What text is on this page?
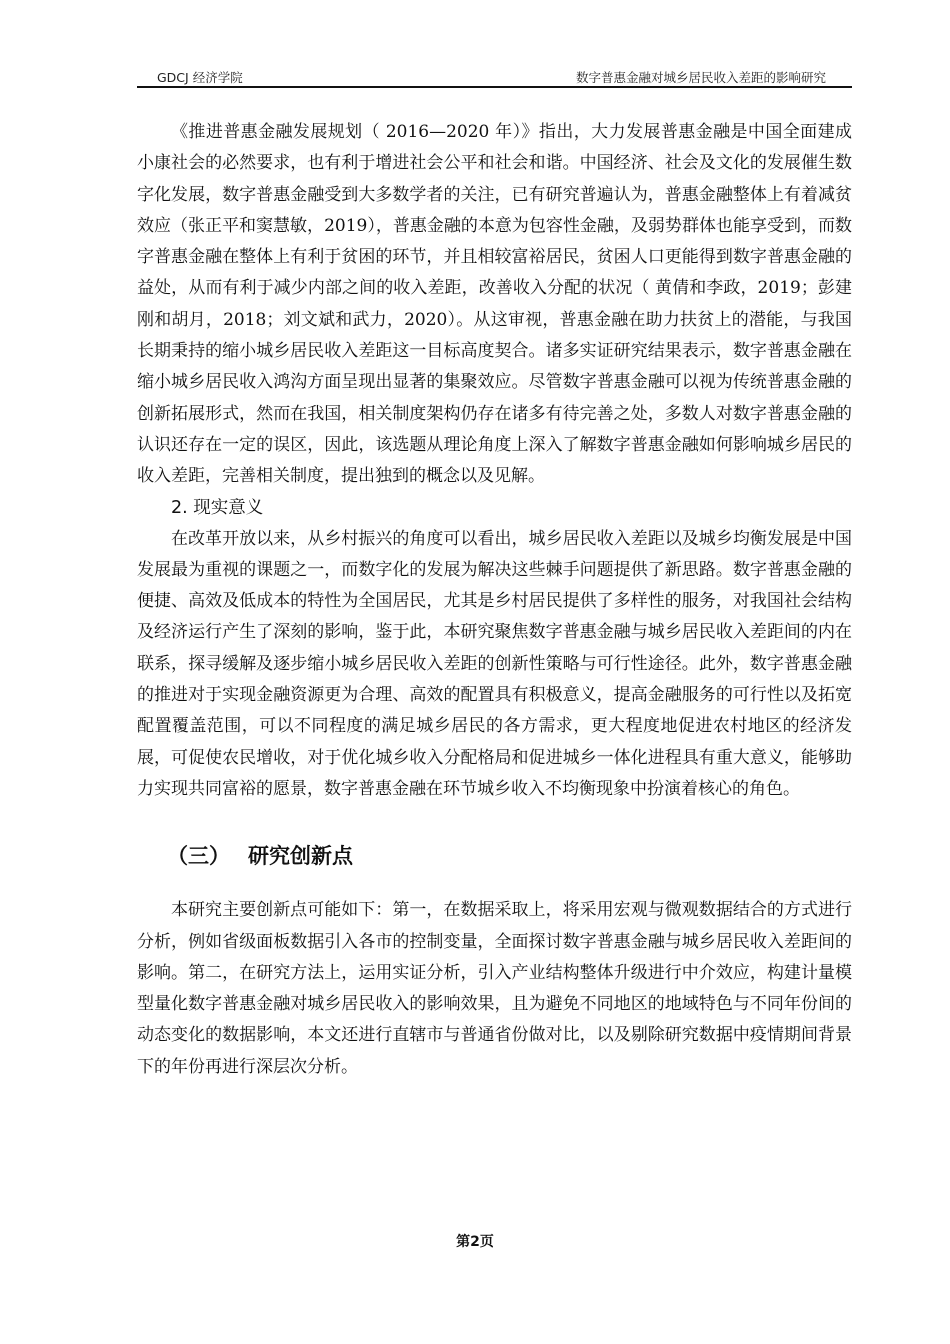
GDCJ 经济学院	数字普惠金融对城乡居民收入差距的影响研究

《推进普惠金融发展规划（ 2016—2020 年）》指出，大力发展普惠金融是中国全面建成小康社会的必然要求，也有利于增进社会公平和社会和谐。中国经济、社会及文化的发展催生数字化发展，数字普惠金融受到大多数学者的关注，已有研究普遍认为，普惠金融整体上有着减贫效应（张正平和窦慧敏，2019），普惠金融的本意为包容性金融，及弱势群体也能享受到，而数字普惠金融在整体上有利于贫困的环节，并且相较富裕居民，贫困人口更能得到数字普惠金融的益处，从而有利于减少内部之间的收入差距，改善收入分配的状况（ 黄倩和李政，2019；彭建刚和胡月，2018；刘文斌和武力，2020）。从这审视，普惠金融在助力扶贫上的潜能，与我国长期秉持的缩小城乡居民收入差距这一目标高度契合。诸多实证研究结果表示，数字普惠金融在缩小城乡居民收入鸿沟方面呈现出显著的集聚效应。尽管数字普惠金融可以视为传统普惠金融的创新拓展形式，然而在我国，相关制度架构仍存在诸多有待完善之处，多数人对数字普惠金融的认识还存在一定的误区，因此，该选题从理论角度上深入了解数字普惠金融如何影响城乡居民的收入差距，完善相关制度，提出独到的概念以及见解。

2. 现实意义

在改革开放以来，从乡村振兴的角度可以看出，城乡居民收入差距以及城乡均衡发展是中国发展最为重视的课题之一，而数字化的发展为解决这些棘手问题提供了新思路。数字普惠金融的便捷、高效及低成本的特性为全国居民，尤其是乡村居民提供了多样性的服务，对我国社会结构及经济运行产生了深刻的影响，鉴于此，本研究聚焦数字普惠金融与城乡居民收入差距间的内在联系，探寻缓解及逐步缩小城乡居民收入差距的创新性策略与可行性途径。此外，数字普惠金融的推进对于实现金融资源更为合理、高效的配置具有积极意义，提高金融服务的可行性以及拓宽配置覆盖范围，可以不同程度的满足城乡居民的各方需求，更大程度地促进农村地区的经济发展，可促使农民增收，对于优化城乡收入分配格局和促进城乡一体化进程具有重大意义，能够助力实现共同富裕的愿景，数字普惠金融在环节城乡收入不均衡现象中扮演着核心的角色。

（三） 研究创新点

本研究主要创新点可能如下：第一，在数据采取上，将采用宏观与微观数据结合的方式进行分析，例如省级面板数据引入各市的控制变量，全面探讨数字普惠金融与城乡居民收入差距间的影响。第二，在研究方法上，运用实证分析，引入产业结构整体升级进行中介效应，构建计量模型量化数字普惠金融对城乡居民收入的影响效果，且为避免不同地区的地域特色与不同年份间的动态变化的数据影响，本文还进行直辖市与普通省份做对比，以及剔除研究数据中疫情期间背景下的年份再进行深层次分析。

第2页
